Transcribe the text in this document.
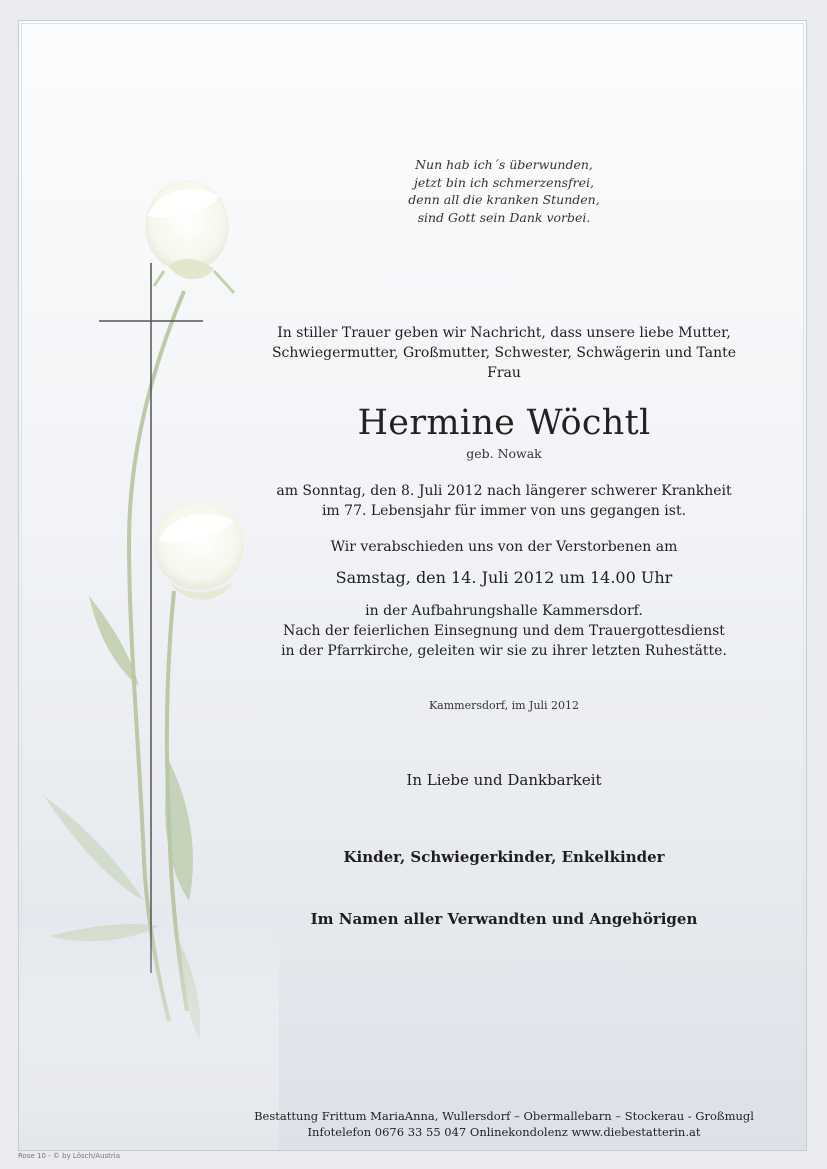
Nun hab ich´s überwunden,
jetzt bin ich schmerzensfrei,
denn all die kranken Stunden,
sind Gott sein Dank vorbei.
In stiller Trauer geben wir Nachricht, dass unsere liebe Mutter,
Schwiegermutter, Großmutter, Schwester, Schwägerin und Tante
Frau
Hermine Wöchtl
geb. Nowak
am Sonntag, den 8. Juli 2012 nach längerer schwerer Krankheit
im 77. Lebensjahr für immer von uns gegangen ist.
Wir verabschieden uns von der Verstorbenen am
Samstag, den 14. Juli 2012 um 14.00 Uhr
in der Aufbahrungshalle Kammersdorf.
Nach der feierlichen Einsegnung und dem Trauergottesdienst
in der Pfarrkirche, geleiten wir sie zu ihrer letzten Ruhestätte.
Kammersdorf, im Juli 2012
In Liebe und Dankbarkeit
Kinder, Schwiegerkinder, Enkelkinder
Im Namen aller Verwandten und Angehörigen
Bestattung Frittum MariaAnna, Wullersdorf – Obermallebarn – Stockerau - Großmugl
Infotelefon 0676 33 55 047 Onlinekondolenz www.diebestatterin.at
Rose 10 - © by Lösch/Austria
